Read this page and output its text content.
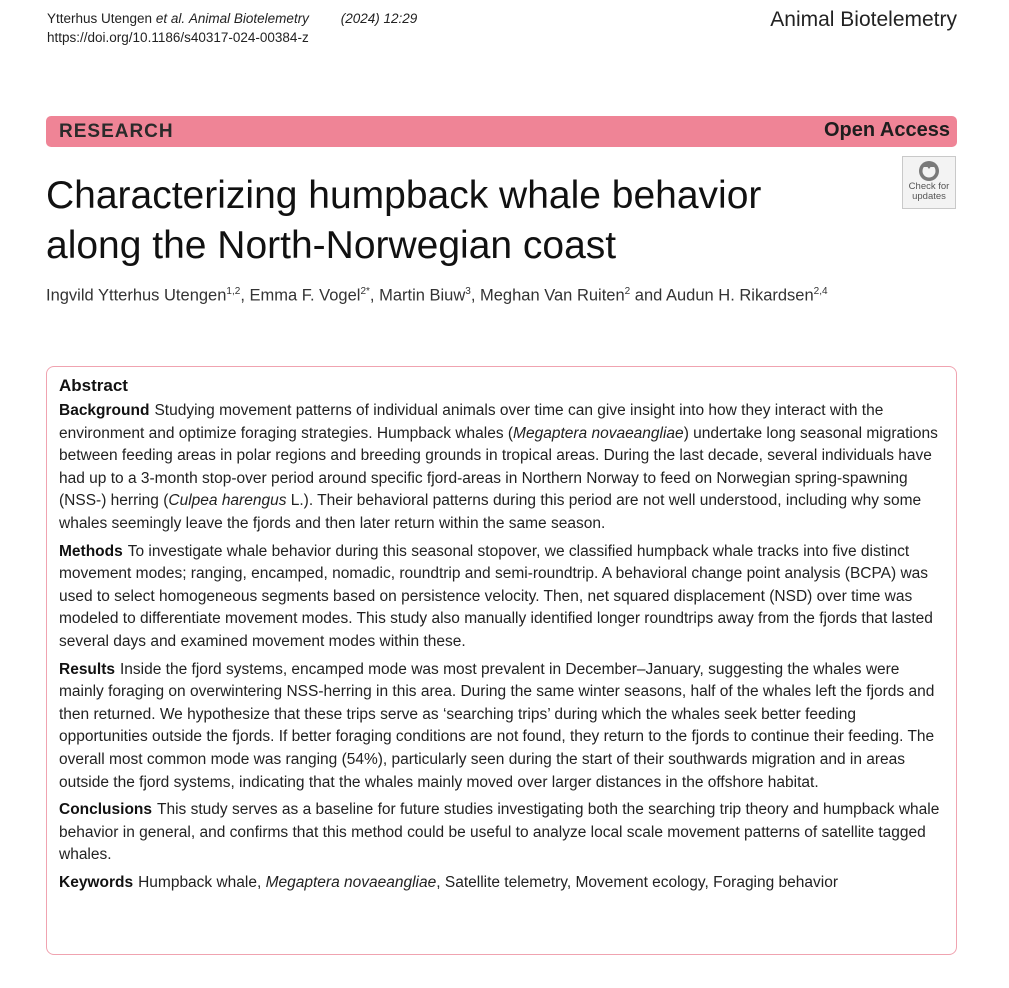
Ytterhus Utengen et al. Animal Biotelemetry (2024) 12:29
https://doi.org/10.1186/s40317-024-00384-z
Animal Biotelemetry
RESEARCH	Open Access
Check for
updates
Characterizing humpback whale behavior
along the North-Norwegian coast
Ingvild Ytterhus Utengen$^{1,2}$, Emma F. Vogel$^{2*}$, Martin Biuw$^3$, Meghan Van Ruiten$^2$ and Audun H. Rikardsen$^{2,4}$
Abstract

Background Studying movement patterns of individual animals over time can give insight into how they interact with the environment and optimize foraging strategies. Humpback whales (Megaptera novaeangliae) undertake long seasonal migrations between feeding areas in polar regions and breeding grounds in tropical areas. During the last decade, several individuals have had up to a 3-month stop-over period around specific fjord-areas in Northern Norway to feed on Norwegian spring-spawning (NSS-) herring (Culpea harengus L.). Their behavioral patterns during this period are not well understood, including why some whales seemingly leave the fjords and then later return within the same season.

Methods To investigate whale behavior during this seasonal stopover, we classified humpback whale tracks into five distinct movement modes; ranging, encamped, nomadic, roundtrip and semi-roundtrip. A behavioral change point analysis (BCPA) was used to select homogeneous segments based on persistence velocity. Then, net squared displacement (NSD) over time was modeled to differentiate movement modes. This study also manually identified longer roundtrips away from the fjords that lasted several days and examined movement modes within these.

Results Inside the fjord systems, encamped mode was most prevalent in December–January, suggesting the whales were mainly foraging on overwintering NSS-herring in this area. During the same winter seasons, half of the whales left the fjords and then returned. We hypothesize that these trips serve as ‘searching trips’ during which the whales seek better feeding opportunities outside the fjords. If better foraging conditions are not found, they return to the fjords to continue their feeding. The overall most common mode was ranging (54%), particularly seen during the start of their southwards migration and in areas outside the fjord systems, indicating that the whales mainly moved over larger distances in the offshore habitat.

Conclusions This study serves as a baseline for future studies investigating both the searching trip theory and humpback whale behavior in general, and confirms that this method could be useful to analyze local scale movement patterns of satellite tagged whales.

Keywords Humpback whale, Megaptera novaeangliae, Satellite telemetry, Movement ecology, Foraging behavior
